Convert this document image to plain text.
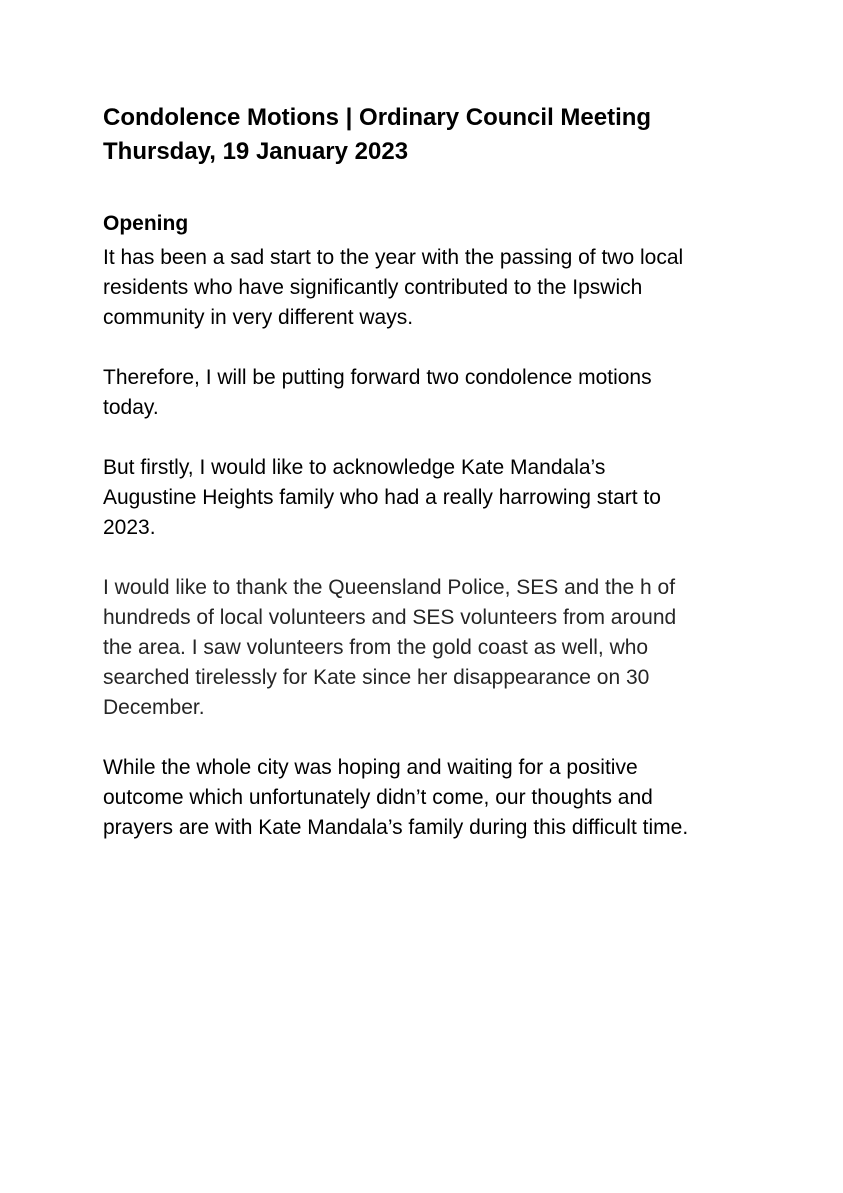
Condolence Motions | Ordinary Council Meeting
Thursday, 19 January 2023
Opening

It has been a sad start to the year with the passing of two local
residents who have significantly contributed to the Ipswich
community in very different ways.

Therefore, I will be putting forward two condolence motions
today.

But firstly, I would like to acknowledge Kate Mandala’s
Augustine Heights family who had a really harrowing start to
2023.

I would like to thank the Queensland Police, SES and the h of
hundreds of local volunteers and SES volunteers from around
the area. I saw volunteers from the gold coast as well, who
searched tirelessly for Kate since her disappearance on 30
December.

While the whole city was hoping and waiting for a positive
outcome which unfortunately didn’t come, our thoughts and
prayers are with Kate Mandala’s family during this difficult time.
